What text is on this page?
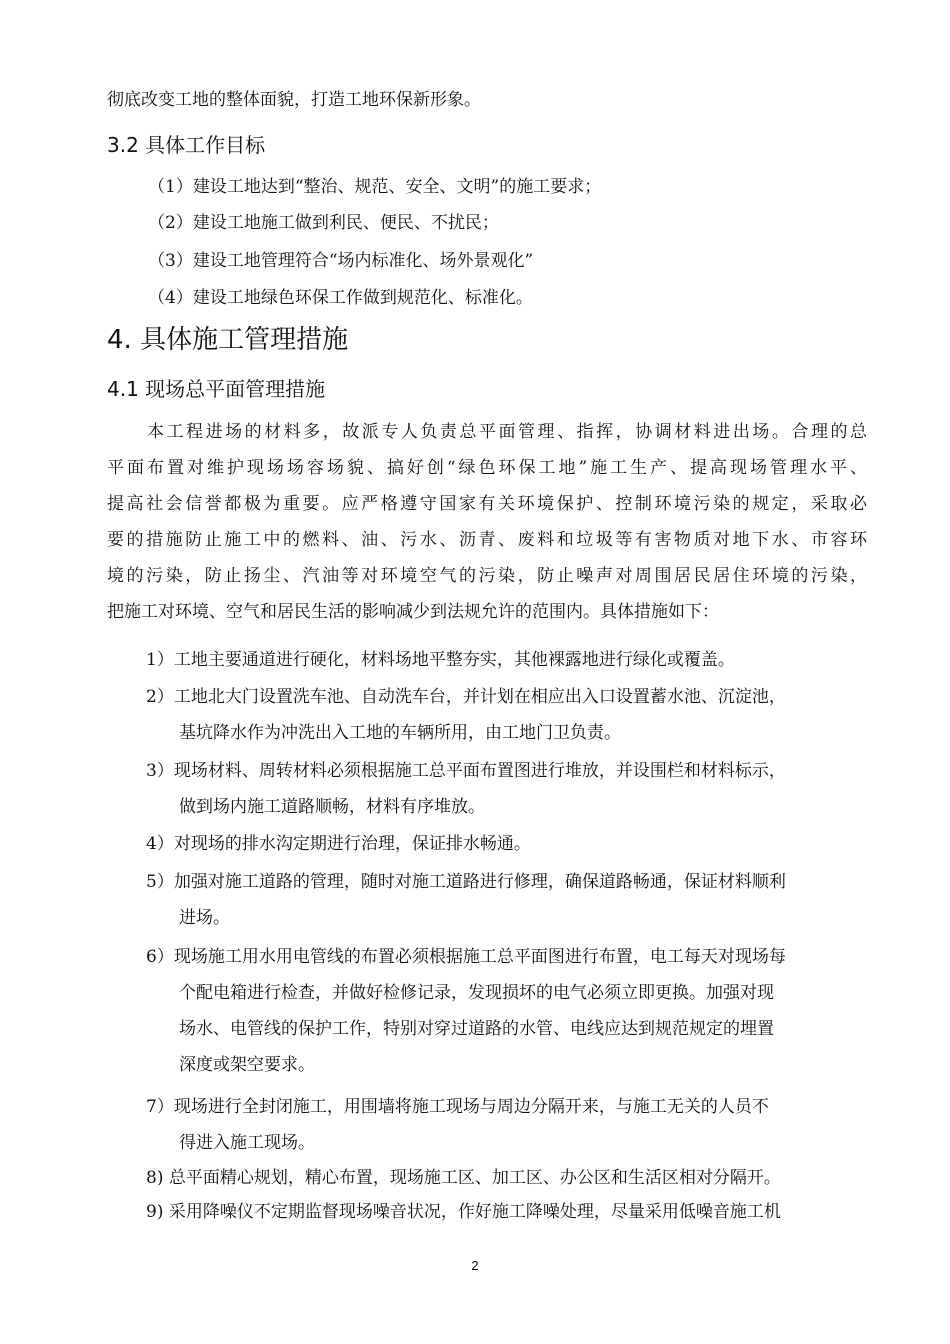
彻底改变工地的整体面貌，打造工地环保新形象。
3.2 具体工作目标
（1）建设工地达到“整治、规范、安全、文明”的施工要求；
（2）建设工地施工做到利民、便民、不扰民；
（3）建设工地管理符合“场内标准化、场外景观化”
（4）建设工地绿色环保工作做到规范化、标准化。
4. 具体施工管理措施
4.1 现场总平面管理措施
本工程进场的材料多，故派专人负责总平面管理、指挥，协调材料进出场。合理的总
平面布置对维护现场场容场貌、搞好创“绿色环保工地”施工生产、提高现场管理水平、
提高社会信誉都极为重要。应严格遵守国家有关环境保护、控制环境污染的规定，采取必
要的措施防止施工中的燃料、油、污水、沥青、废料和垃圾等有害物质对地下水、市容环
境的污染，防止扬尘、汽油等对环境空气的污染，防止噪声对周围居民居住环境的污染，
把施工对环境、空气和居民生活的影响减少到法规允许的范围内。具体措施如下：
1）工地主要通道进行硬化，材料场地平整夯实，其他裸露地进行绿化或覆盖。
2）工地北大门设置洗车池、自动洗车台，并计划在相应出入口设置蓄水池、沉淀池，
基坑降水作为冲洗出入工地的车辆所用，由工地门卫负责。
3）现场材料、周转材料必须根据施工总平面布置图进行堆放，并设围栏和材料标示，
做到场内施工道路顺畅，材料有序堆放。
4）对现场的排水沟定期进行治理，保证排水畅通。
5）加强对施工道路的管理，随时对施工道路进行修理，确保道路畅通，保证材料顺利
进场。
6）现场施工用水用电管线的布置必须根据施工总平面图进行布置，电工每天对现场每
个配电箱进行检查，并做好检修记录，发现损坏的电气必须立即更换。加强对现
场水、电管线的保护工作，特别对穿过道路的水管、电线应达到规范规定的埋置
深度或架空要求。
7）现场进行全封闭施工，用围墙将施工现场与周边分隔开来，与施工无关的人员不
得进入施工现场。
8) 总平面精心规划，精心布置，现场施工区、加工区、办公区和生活区相对分隔开。
9) 采用降噪仪不定期监督现场噪音状况，作好施工降噪处理，尽量采用低噪音施工机
2
